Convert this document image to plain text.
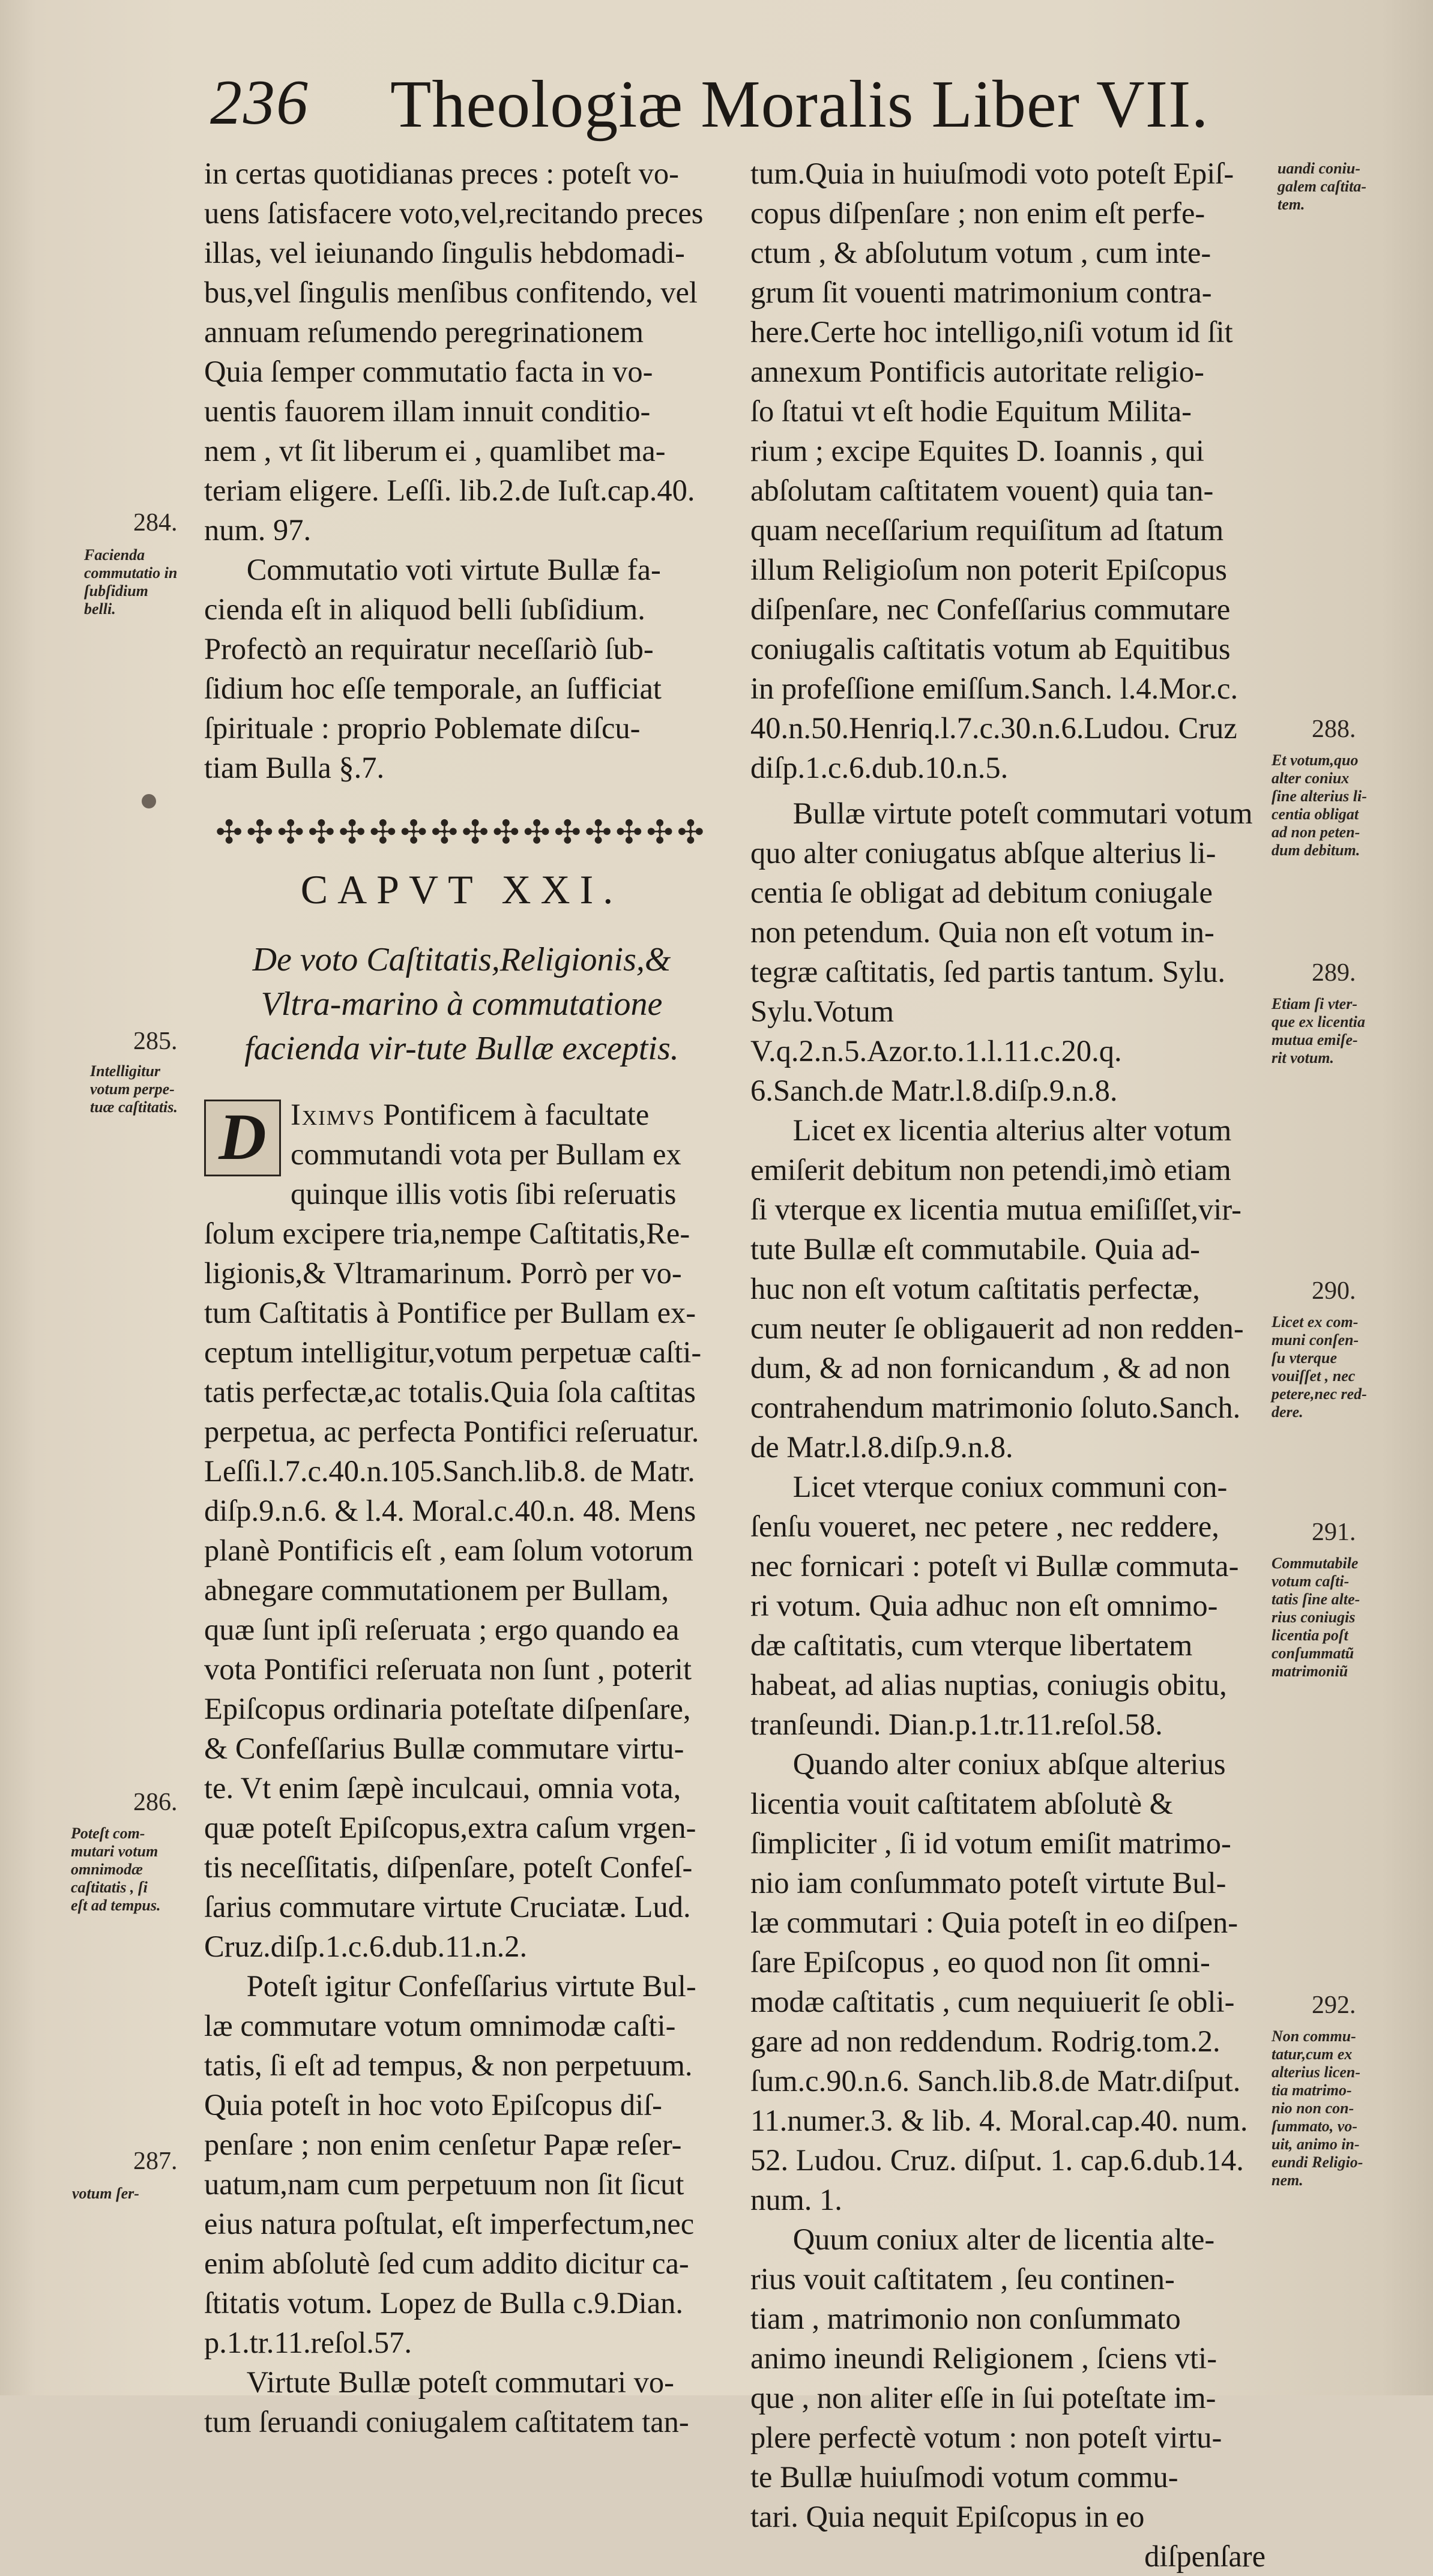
236 Theologiæ Moralis Liber VII.

in certas quotidianas preces : poteſt vo-

uens ſatisfacere voto,vel,recitando preces

illas, vel ieiunando ſingulis hebdomadi-

bus,vel ſingulis menſibus confitendo, vel

annuam reſumendo peregrinationem

Quia ſemper commutatio facta in vo-

uentis fauorem illam innuit conditio-

nem , vt ſit liberum ei , quamlibet ma-

teriam eligere. Leſſi. lib.2.de Iuſt.cap.40.

num. 97.

Commutatio voti virtute Bullæ fa-

cienda eſt in aliquod belli ſubſidium.

Profectò an requiratur neceſſariò ſub-

ſidium hoc eſſe temporale, an ſufficiat

ſpirituale : proprio Poblemate diſcu-

tiam Bulla §.7.

✣✣✣✣✣✣✣✣✣✣✣✣✣✣✣✣
CAPVT XXI.
De voto Caſtitatis,Religionis,& Vltra-marino à commutatione facienda vir-tute Bullæ exceptis.
D Iximvs Pontificem à facultate

commutandi vota per Bullam ex

quinque illis votis ſibi reſeruatis

ſolum excipere tria,nempe Caſtitatis,Re-

ligionis,& Vltramarinum. Porrò per vo-

tum Caſtitatis à Pontifice per Bullam ex-

ceptum intelligitur,votum perpetuæ caſti-

tatis perfectæ,ac totalis.Quia ſola caſtitas

perpetua, ac perfecta Pontifici reſeruatur.

Leſſi.l.7.c.40.n.105.Sanch.lib.8. de Matr.

diſp.9.n.6. & l.4. Moral.c.40.n. 48. Mens

planè Pontificis eſt , eam ſolum votorum

abnegare commutationem per Bullam,

quæ ſunt ipſi reſeruata ; ergo quando ea

vota Pontifici reſeruata non ſunt , poterit

Epiſcopus ordinaria poteſtate diſpenſare,

& Confeſſarius Bullæ commutare virtu-

te. Vt enim ſæpè inculcaui, omnia vota,

quæ poteſt Epiſcopus,extra caſum vrgen-

tis neceſſitatis, diſpenſare, poteſt Confeſ-

ſarius commutare virtute Cruciatæ. Lud.

Cruz.diſp.1.c.6.dub.11.n.2.

Poteſt igitur Confeſſarius virtute Bul-

læ commutare votum omnimodæ caſti-

tatis, ſi eſt ad tempus, & non perpetuum.

Quia poteſt in hoc voto Epiſcopus diſ-

penſare ; non enim cenſetur Papæ reſer-

uatum,nam cum perpetuum non ſit ſicut

eius natura poſtulat, eſt imperfectum,nec

enim abſolutè ſed cum addito dicitur ca-

ſtitatis votum. Lopez de Bulla c.9.Dian.

p.1.tr.11.reſol.57.

Virtute Bullæ poteſt commutari vo-

tum ſeruandi coniugalem caſtitatem tan-

tum.Quia in huiuſmodi voto poteſt Epiſ-

copus diſpenſare ; non enim eſt perfe-

ctum , & abſolutum votum , cum inte-

grum ſit vouenti matrimonium contra-

here.Certe hoc intelligo,niſi votum id ſit

annexum Pontificis autoritate religio-

ſo ſtatui vt eſt hodie Equitum Milita-

rium ; excipe Equites D. Ioannis , qui

abſolutam caſtitatem vouent) quia tan-

quam neceſſarium requiſitum ad ſtatum

illum Religioſum non poterit Epiſcopus

diſpenſare, nec Confeſſarius commutare

coniugalis caſtitatis votum ab Equitibus

in profeſſione emiſſum.Sanch. l.4.Mor.c.

40.n.50.Henriq.l.7.c.30.n.6.Ludou. Cruz

diſp.1.c.6.dub.10.n.5.

Bullæ virtute poteſt commutari votum

quo alter coniugatus abſque alterius li-

centia ſe obligat ad debitum coniugale

non petendum. Quia non eſt votum in-

tegræ caſtitatis, ſed partis tantum. Sylu.

Sylu.Votum V.q.2.n.5.Azor.to.1.l.11.c.20.q.

6.Sanch.de Matr.l.8.diſp.9.n.8.

Licet ex licentia alterius alter votum

emiſerit debitum non petendi,imò etiam

ſi vterque ex licentia mutua emiſiſſet,vir-

tute Bullæ eſt commutabile. Quia ad-

huc non eſt votum caſtitatis perfectæ,

cum neuter ſe obligauerit ad non redden-

dum, & ad non fornicandum , & ad non

contrahendum matrimonio ſoluto.Sanch.

de Matr.l.8.diſp.9.n.8.

Licet vterque coniux communi con-

ſenſu voueret, nec petere , nec reddere,

nec fornicari : poteſt vi Bullæ commuta-

ri votum. Quia adhuc non eſt omnimo-

dæ caſtitatis, cum vterque libertatem

habeat, ad alias nuptias, coniugis obitu,

tranſeundi. Dian.p.1.tr.11.reſol.58.

Quando alter coniux abſque alterius

licentia vouit caſtitatem abſolutè &

ſimpliciter , ſi id votum emiſit matrimo-

nio iam conſummato poteſt virtute Bul-

læ commutari : Quia poteſt in eo diſpen-

ſare Epiſcopus , eo quod non ſit omni-

modæ caſtitatis , cum nequiuerit ſe obli-

gare ad non reddendum. Rodrig.tom.2.

ſum.c.90.n.6. Sanch.lib.8.de Matr.diſput.

11.numer.3. & lib. 4. Moral.cap.40. num.

52. Ludou. Cruz. diſput. 1. cap.6.dub.14.

num. 1.

Quum coniux alter de licentia alte-

rius vouit caſtitatem , ſeu continen-

tiam , matrimonio non conſummato

animo ineundi Religionem , ſciens vti-

que , non aliter eſſe in ſui poteſtate im-

plere perfectè votum : non poteſt virtu-

te Bullæ huiuſmodi votum commu-

tari. Quia nequit Epiſcopus in eo

diſpenſare

284.
Facienda
commutatio in
ſubſidium
belli.
285.
Intelligitur
votum perpe-
tuæ caſtitatis.
286.
Poteſt com-
mutari votum
omnimodæ
caſtitatis , ſi
eſt ad tempus.
287.
votum ſer-
uandi coniu-
galem caſtita-
tem.
288.
Et votum,quo
alter coniux
ſine alterius li-
centia obligat
ad non peten-
dum debitum.
289.
Etiam ſi vter-
que ex licentia
mutua emiſe-
rit votum.
290.
Licet ex com-
muni conſen-
ſu vterque
vouiſſet , nec
petere,nec red-
dere.
291.
Commutabile
votum caſti-
tatis ſine alte-
rius coniugis
licentia poſt
conſummatũ
matrimoniũ
292.
Non commu-
tatur,cum ex
alterius licen-
tia matrimo-
nio non con-
ſummato, vo-
uit, animo in-
eundi Religio-
nem.
